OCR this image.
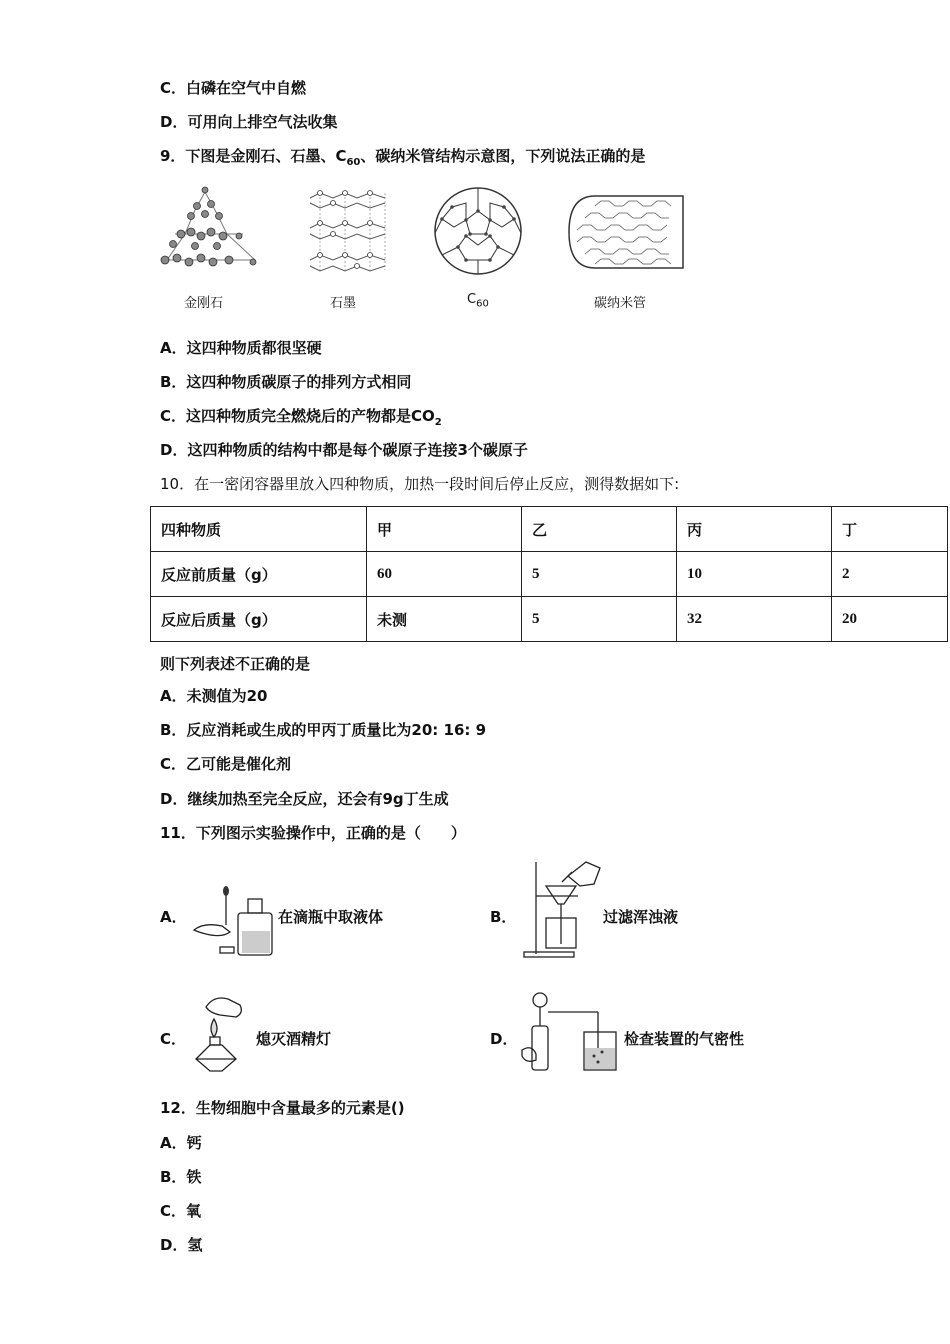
C．白磷在空气中自燃
D．可用向上排空气法收集
9．下图是金刚石、石墨、$C_{60}$、碳纳米管结构示意图，下列说法正确的是
金刚石	石墨	$C_{60}$	碳纳米管
A．这四种物质都很坚硬
B．这四种物质碳原子的排列方式相同
C．这四种物质完全燃烧后的产物都是$CO_2$
D．这四种物质的结构中都是每个碳原子连接3个碳原子
10．在一密闭容器里放入四种物质，加热一段时间后停止反应，测得数据如下:
四种物质	甲	乙	丙	丁
反应前质量（g）	60	5	10	2
反应后质量（g）	未测	5	32	20
则下列表述不正确的是
A．未测值为20
B．反应消耗或生成的甲丙丁质量比为20: 16: 9
C．乙可能是催化剂
D．继续加热至完全反应，还会有9g丁生成
11．下列图示实验操作中，正确的是（　　）
A．	在滴瓶中取液体	B．	过滤浑浊液
C．	熄灭酒精灯	D．	检查装置的气密性
12．生物细胞中含量最多的元素是()
A．钙
B．铁
C．氧
D．氢
